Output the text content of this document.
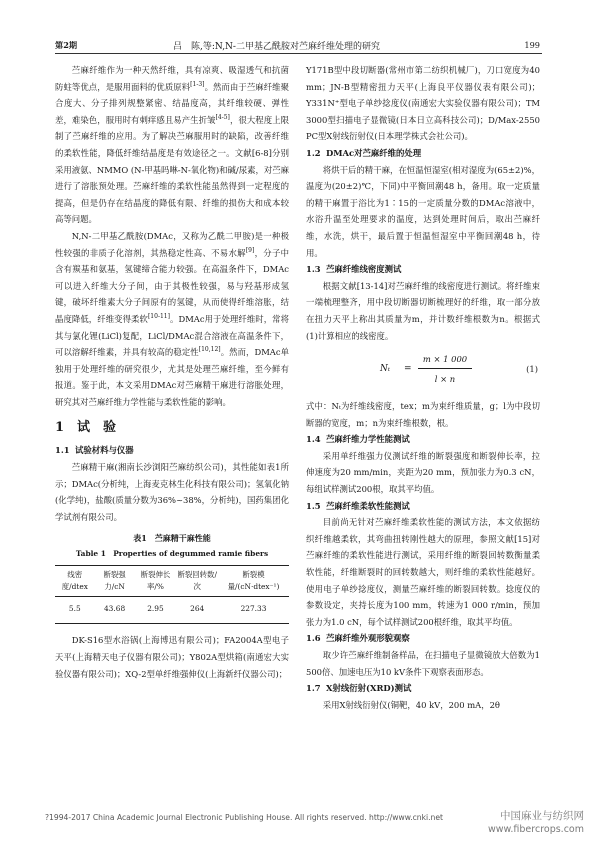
第2期	吕　陈,等:N,N-二甲基乙酰胺对苎麻纤维处理的研究	199

苎麻纤维作为一种天然纤维，具有凉爽、吸湿透气和抗菌防蛀等优点，是服用面料的优质原料[1-3]。然而由于苎麻纤维聚合度大、分子排列规整紧密、结晶度高，其纤维较硬、弹性差，难染色，服用时有刺痒感且易产生折皱[4-5]，很大程度上限制了苎麻纤维的应用。为了解决苎麻服用时的缺陷，改善纤维的柔软性能，降低纤维结晶度是有效途径之一。文献[6-8]分别采用液氨、NMMO (N-甲基吗啉-N-氧化物)和碱/尿素，对苎麻进行了溶胀预处理。苎麻纤维的柔软性能虽然得到一定程度的提高，但是仍存在结晶度的降低有限、纤维的损伤大和成本较高等问题。

N,N-二甲基乙酰胺(DMAc，又称为乙酰二甲胺)是一种极性较强的非质子化溶剂，其热稳定性高、不易水解[9]，分子中含有羰基和氨基，氢键缔合能力较强。在高温条件下，DMAc可以进入纤维大分子间，由于其极性较强，易与羟基形成氢键，破坏纤维素大分子间原有的氢键，从而使得纤维溶胀，结晶度降低，纤维变得柔软[10-11]。DMAc用于处理纤维时，常将其与氯化锂(LiCl)复配，LiCl/DMAc混合溶液在高温条件下，可以溶解纤维素，并具有较高的稳定性[10,12]。然而，DMAc单独用于处理纤维的研究很少，尤其是处理苎麻纤维，至今鲜有报道。鉴于此，本文采用DMAc对苎麻精干麻进行溶胀处理，研究其对苎麻纤维力学性能与柔软性能的影响。

1　试　验
1.1 试验材料与仪器

苎麻精干麻(湘南长沙浏阳苎麻纺织公司)，其性能如表1所示；DMAc(分析纯，上海麦克林生化科技有限公司)；氢氧化钠(化学纯)，盐酸(质量分数为36%~38%，分析纯)，国药集团化学试剂有限公司。

表1　苎麻精干麻性能
Table 1　Properties of degummed ramie fibers
线密度/dtex	断裂强力/cN	断裂伸长率/%	断裂回转数/次	断裂模量/(cN·dtex⁻¹)
5.5	43.68	2.95	264	227.33

DK-S16型水浴锅(上海博迅有限公司)；FA2004A型电子天平(上海精天电子仪器有限公司)；Y802A型烘箱(南通宏大实验仪器有限公司)；XQ-2型单纤维强伸仪(上海新纤仪器公司)；

Y171B型中段切断器(常州市第二纺织机械厂)，刀口宽度为40 mm；JN-B型精密扭力天平(上海良平仪器仪表有限公司)；Y331N⁺型电子单纱捻度仪(南通宏大实验仪器有限公司)；TM 3000型扫描电子显微镜(日本日立高科技公司)；D/Max-2550 PC型X射线衍射仪(日本理学株式会社公司)。

1.2 DMAc对苎麻纤维的处理

将烘干后的精干麻，在恒温恒湿室(相对湿度为(65±2)%，温度为(20±2)℃，下同)中平衡回潮48 h，备用。取一定质量的精干麻置于浴比为1∶15的一定质量分数的DMAc溶液中，水浴升温至处理要求的温度，达到处理时间后，取出苎麻纤维，水洗，烘干，最后置于恒温恒湿室中平衡回潮48 h，待用。

1.3 苎麻纤维线密度测试

根据文献[13-14]对苎麻纤维的线密度进行测试。将纤维束一端梳理整齐，用中段切断器切断梳理好的纤维，取一部分放在扭力天平上称出其质量为m，并计数纤维根数为n。根据式(1)计算相应的线密度。

Nₜ =
m × 1 000
l × n
(1)

式中：Nₜ为纤维线密度，tex；m为束纤维质量，g；l为中段切断器的宽度，m；n为束纤维根数，根。

1.4 苎麻纤维力学性能测试

采用单纤维强力仪测试纤维的断裂强度和断裂伸长率，拉伸速度为20 mm/min，夹距为20 mm，预加张力为0.3 cN，每组试样测试200根，取其平均值。

1.5 苎麻纤维柔软性能测试

目前尚无针对苎麻纤维柔软性能的测试方法，本文依据纺织纤维越柔软，其弯曲扭转刚性越大的原理，参照文献[15]对苎麻纤维的柔软性能进行测试，采用纤维的断裂回转数衡量柔软性能，纤维断裂时的回转数越大，则纤维的柔软性能越好。使用电子单纱捻度仪，测量苎麻纤维的断裂回转数。捻度仪的参数设定，夹持长度为100 mm，转速为1 000 r/min，预加张力为1.0 cN，每个试样测试200根纤维，取其平均值。

1.6 苎麻纤维外观形貌观察

取少许苎麻纤维制备样品，在扫描电子显微镜放大倍数为1 500倍、加速电压为10 kV条件下观察表面形态。

1.7 X射线衍射(XRD)测试

采用X射线衍射仪(铜靶，40 kV，200 mA，2θ

?1994-2017 China Academic Journal Electronic Publishing House. All rights reserved. http://www.cnki.net	中国麻业与纺织网
www.fibercrops.com
